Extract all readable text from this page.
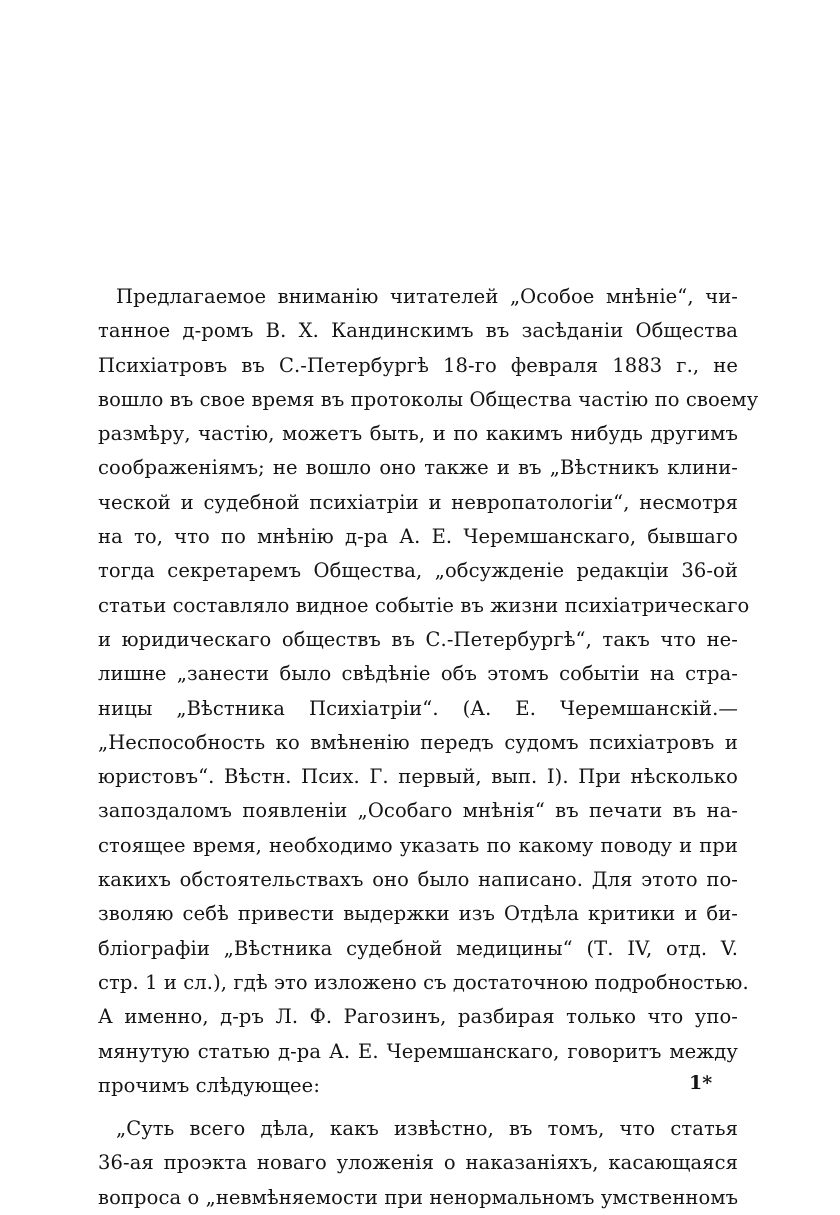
Предлагаемое вниманію читателей „Особое мнѣніе“, чи-
танное д-ромъ В. Х. Кандинскимъ въ засѣданіи Общества
Психіатровъ въ С.-Петербургѣ 18-го февраля 1883 г., не
вошло въ свое время въ протоколы Общества частію по своему
размѣру, частію, можетъ быть, и по какимъ нибудь другимъ
соображеніямъ; не вошло оно также и въ „Вѣстникъ клини-
ческой и судебной психіатріи и невропатологіи“, несмотря
на то, что по мнѣнію д-ра А. Е. Черемшанскаго, бывшаго
тогда секретаремъ Общества, „обсужденіе редакціи 36-ой
статьи составляло видное событіе въ жизни психіатрическаго
и юридическаго обществъ въ С.-Петербургѣ“, такъ что не-
лишне „занести было свѣдѣніе объ этомъ событіи на стра-
ницы „Вѣстника Психіатріи“. (А. Е. Черемшанскій.—
„Неспособность ко вмѣненію передъ судомъ психіатровъ и
юристовъ“. Вѣстн. Псих. Г. первый, вып. I). При нѣсколько
запоздаломъ появленіи „Особаго мнѣнія“ въ печати въ на-
стоящее время, необходимо указать по какому поводу и при
какихъ обстоятельствахъ оно было написано. Для этото по-
зволяю себѣ привести выдержки изъ Отдѣла критики и би-
бліографіи „Вѣстника судебной медицины“ (Т. IV, отд. V.
стр. 1 и сл.), гдѣ это изложено съ достаточною подробностью.
А именно, д-ръ Л. Ф. Рагозинъ, разбирая только что упо-
мянутую статью д-ра А. Е. Черемшанскаго, говоритъ между
прочимъ слѣдующее:
„Суть всего дѣла, какъ извѣстно, въ томъ, что статья
36-ая проэкта новаго уложенія о наказаніяхъ, касающаяся
вопроса о „невмѣняемости при ненормальномъ умственномъ
1*
